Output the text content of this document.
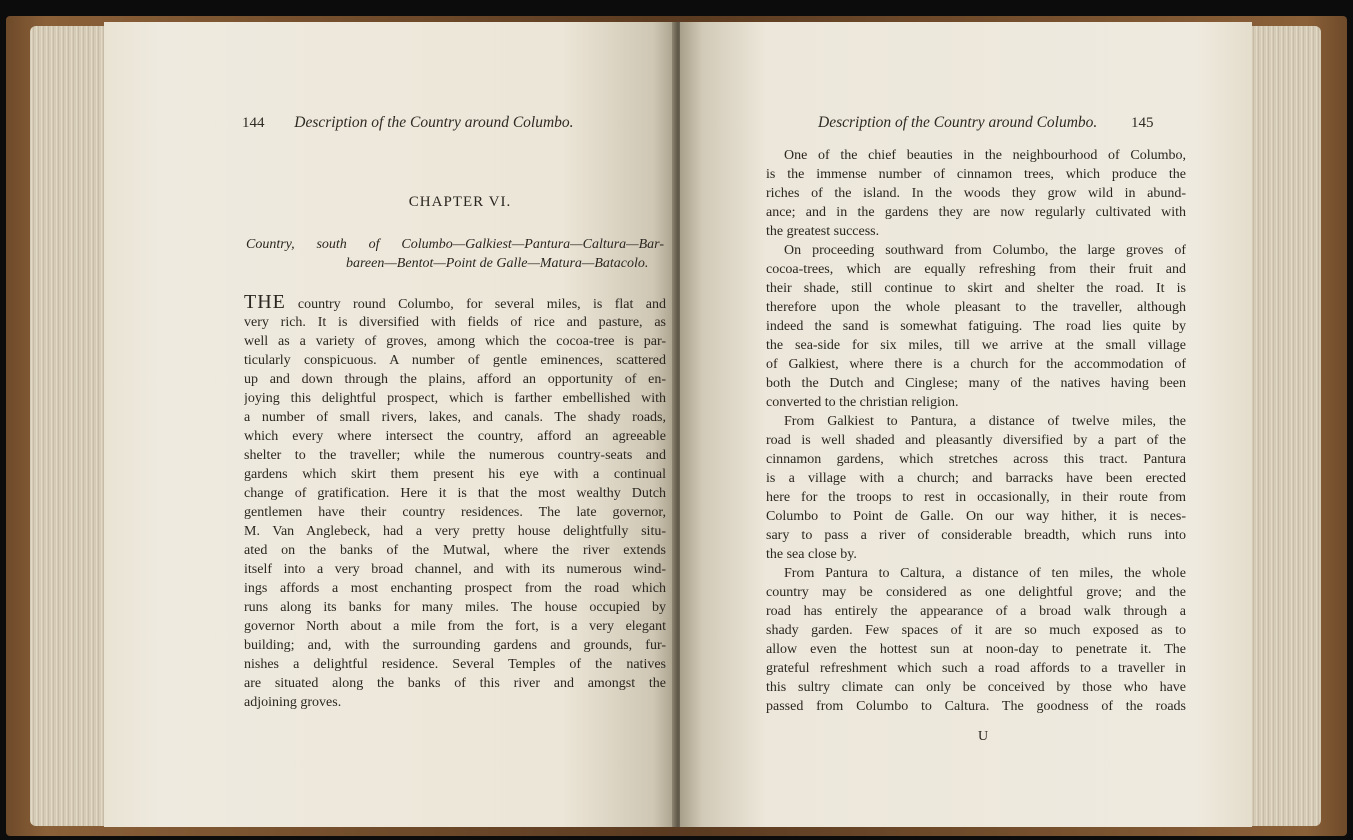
144 Description of the Country around Columbo.
CHAPTER VI.
Country, south of Columbo—Galkiest—Pantura—Caltura—Bar-
bareen—Bentot—Point de Galle—Matura—Batacolo.
THE country round Columbo, for several miles, is flat and
very rich. It is diversified with fields of rice and pasture, as
well as a variety of groves, among which the cocoa-tree is par-
ticularly conspicuous. A number of gentle eminences, scattered
up and down through the plains, afford an opportunity of en-
joying this delightful prospect, which is farther embellished with
a number of small rivers, lakes, and canals. The shady roads,
which every where intersect the country, afford an agreeable
shelter to the traveller; while the numerous country-seats and
gardens which skirt them present his eye with a continual
change of gratification. Here it is that the most wealthy Dutch
gentlemen have their country residences. The late governor,
M. Van Anglebeck, had a very pretty house delightfully situ-
ated on the banks of the Mutwal, where the river extends
itself into a very broad channel, and with its numerous wind-
ings affords a most enchanting prospect from the road which
runs along its banks for many miles. The house occupied by
governor North about a mile from the fort, is a very elegant
building; and, with the surrounding gardens and grounds, fur-
nishes a delightful residence. Several Temples of the natives
are situated along the banks of this river and amongst the
adjoining groves.
Description of the Country around Columbo. 145
One of the chief beauties in the neighbourhood of Columbo,
is the immense number of cinnamon trees, which produce the
riches of the island. In the woods they grow wild in abund-
ance; and in the gardens they are now regularly cultivated with
the greatest success.
On proceeding southward from Columbo, the large groves of
cocoa-trees, which are equally refreshing from their fruit and
their shade, still continue to skirt and shelter the road. It is
therefore upon the whole pleasant to the traveller, although
indeed the sand is somewhat fatiguing. The road lies quite by
the sea-side for six miles, till we arrive at the small village
of Galkiest, where there is a church for the accommodation of
both the Dutch and Cinglese; many of the natives having been
converted to the christian religion.
From Galkiest to Pantura, a distance of twelve miles, the
road is well shaded and pleasantly diversified by a part of the
cinnamon gardens, which stretches across this tract. Pantura
is a village with a church; and barracks have been erected
here for the troops to rest in occasionally, in their route from
Columbo to Point de Galle. On our way hither, it is neces-
sary to pass a river of considerable breadth, which runs into
the sea close by.
From Pantura to Caltura, a distance of ten miles, the whole
country may be considered as one delightful grove; and the
road has entirely the appearance of a broad walk through a
shady garden. Few spaces of it are so much exposed as to
allow even the hottest sun at noon-day to penetrate it. The
grateful refreshment which such a road affords to a traveller in
this sultry climate can only be conceived by those who have
passed from Columbo to Caltura. The goodness of the roads
U
